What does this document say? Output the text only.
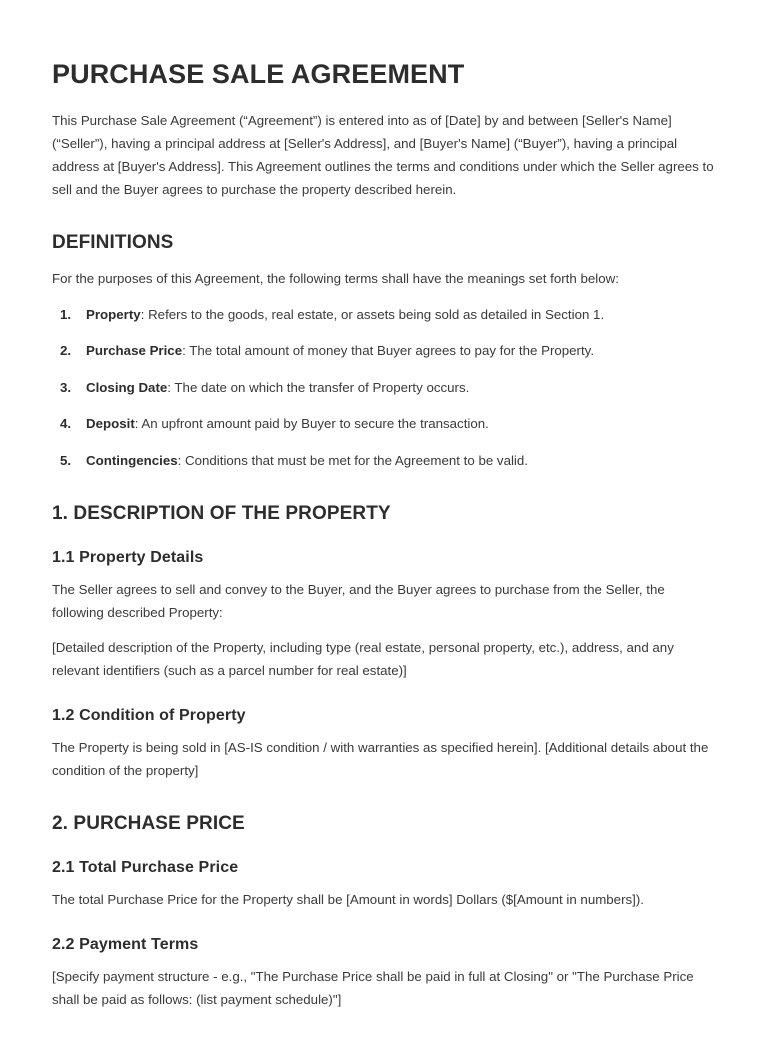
PURCHASE SALE AGREEMENT

This Purchase Sale Agreement (“Agreement”) is entered into as of [Date] by and between [Seller's Name] (“Seller”), having a principal address at [Seller's Address], and [Buyer's Name] (“Buyer”), having a principal address at [Buyer's Address]. This Agreement outlines the terms and conditions under which the Seller agrees to sell and the Buyer agrees to purchase the property described herein.

DEFINITIONS

For the purposes of this Agreement, the following terms shall have the meanings set forth below:

Property: Refers to the goods, real estate, or assets being sold as detailed in Section 1.
Purchase Price: The total amount of money that Buyer agrees to pay for the Property.
Closing Date: The date on which the transfer of Property occurs.
Deposit: An upfront amount paid by Buyer to secure the transaction.
Contingencies: Conditions that must be met for the Agreement to be valid.
1. DESCRIPTION OF THE PROPERTY
1.1 Property Details

The Seller agrees to sell and convey to the Buyer, and the Buyer agrees to purchase from the Seller, the following described Property:

[Detailed description of the Property, including type (real estate, personal property, etc.), address, and any relevant identifiers (such as a parcel number for real estate)]

1.2 Condition of Property

The Property is being sold in [AS-IS condition / with warranties as specified herein]. [Additional details about the condition of the property]

2. PURCHASE PRICE
2.1 Total Purchase Price

The total Purchase Price for the Property shall be [Amount in words] Dollars ($[Amount in numbers]).

2.2 Payment Terms

[Specify payment structure - e.g., "The Purchase Price shall be paid in full at Closing" or "The Purchase Price shall be paid as follows: (list payment schedule)"]
